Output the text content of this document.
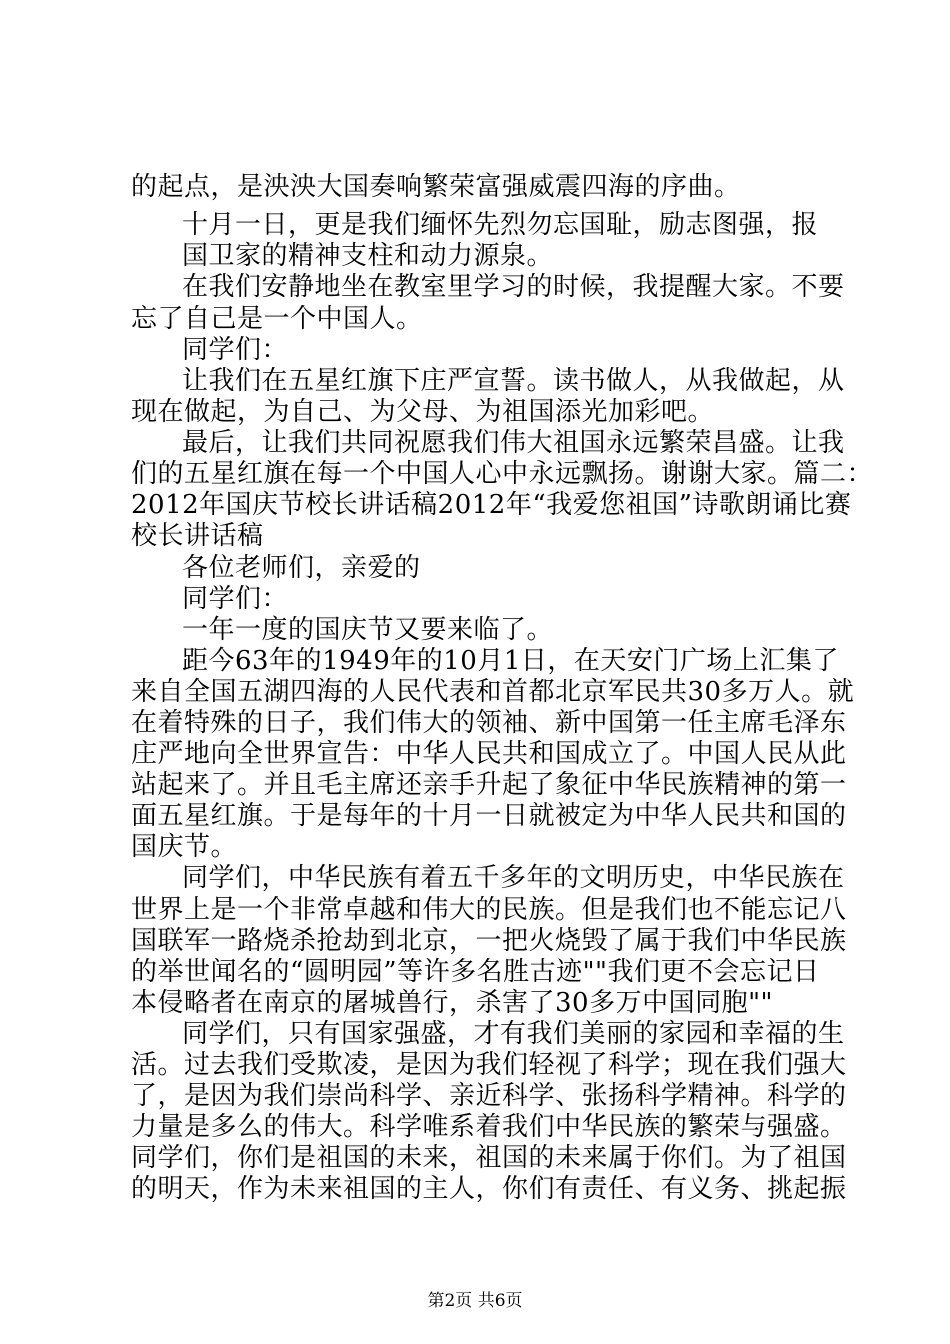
的起点，是泱泱大国奏响繁荣富强威震四海的序曲。
十月一日，更是我们缅怀先烈勿忘国耻，励志图强，报
国卫家的精神支柱和动力源泉。
在我们安静地坐在教室里学习的时候，我提醒大家。不要
忘了自己是一个中国人。
同学们：
让我们在五星红旗下庄严宣誓。读书做人，从我做起，从
现在做起，为自己、为父母、为祖国添光加彩吧。
最后，让我们共同祝愿我们伟大祖国永远繁荣昌盛。让我
们的五星红旗在每一个中国人心中永远飘扬。谢谢大家。篇二：
2012年国庆节校长讲话稿2012年“我爱您祖国”诗歌朗诵比赛
校长讲话稿
各位老师们，亲爱的
同学们：
一年一度的国庆节又要来临了。
距今63年的1949年的10月1日，在天安门广场上汇集了
来自全国五湖四海的人民代表和首都北京军民共30多万人。就
在着特殊的日子，我们伟大的领袖、新中国第一任主席毛泽东
庄严地向全世界宣告：中华人民共和国成立了。中国人民从此
站起来了。并且毛主席还亲手升起了象征中华民族精神的第一
面五星红旗。于是每年的十月一日就被定为中华人民共和国的
国庆节。
同学们，中华民族有着五千多年的文明历史，中华民族在
世界上是一个非常卓越和伟大的民族。但是我们也不能忘记八
国联军一路烧杀抢劫到北京，一把火烧毁了属于我们中华民族
的举世闻名的“圆明园”等许多名胜古迹""我们更不会忘记日
本侵略者在南京的屠城兽行，杀害了30多万中国同胞""
同学们，只有国家强盛，才有我们美丽的家园和幸福的生
活。过去我们受欺凌，是因为我们轻视了科学；现在我们强大
了，是因为我们崇尚科学、亲近科学、张扬科学精神。科学的
力量是多么的伟大。科学唯系着我们中华民族的繁荣与强盛。
同学们，你们是祖国的未来，祖国的未来属于你们。为了祖国
的明天，作为未来祖国的主人，你们有责任、有义务、挑起振
第2页 共6页
